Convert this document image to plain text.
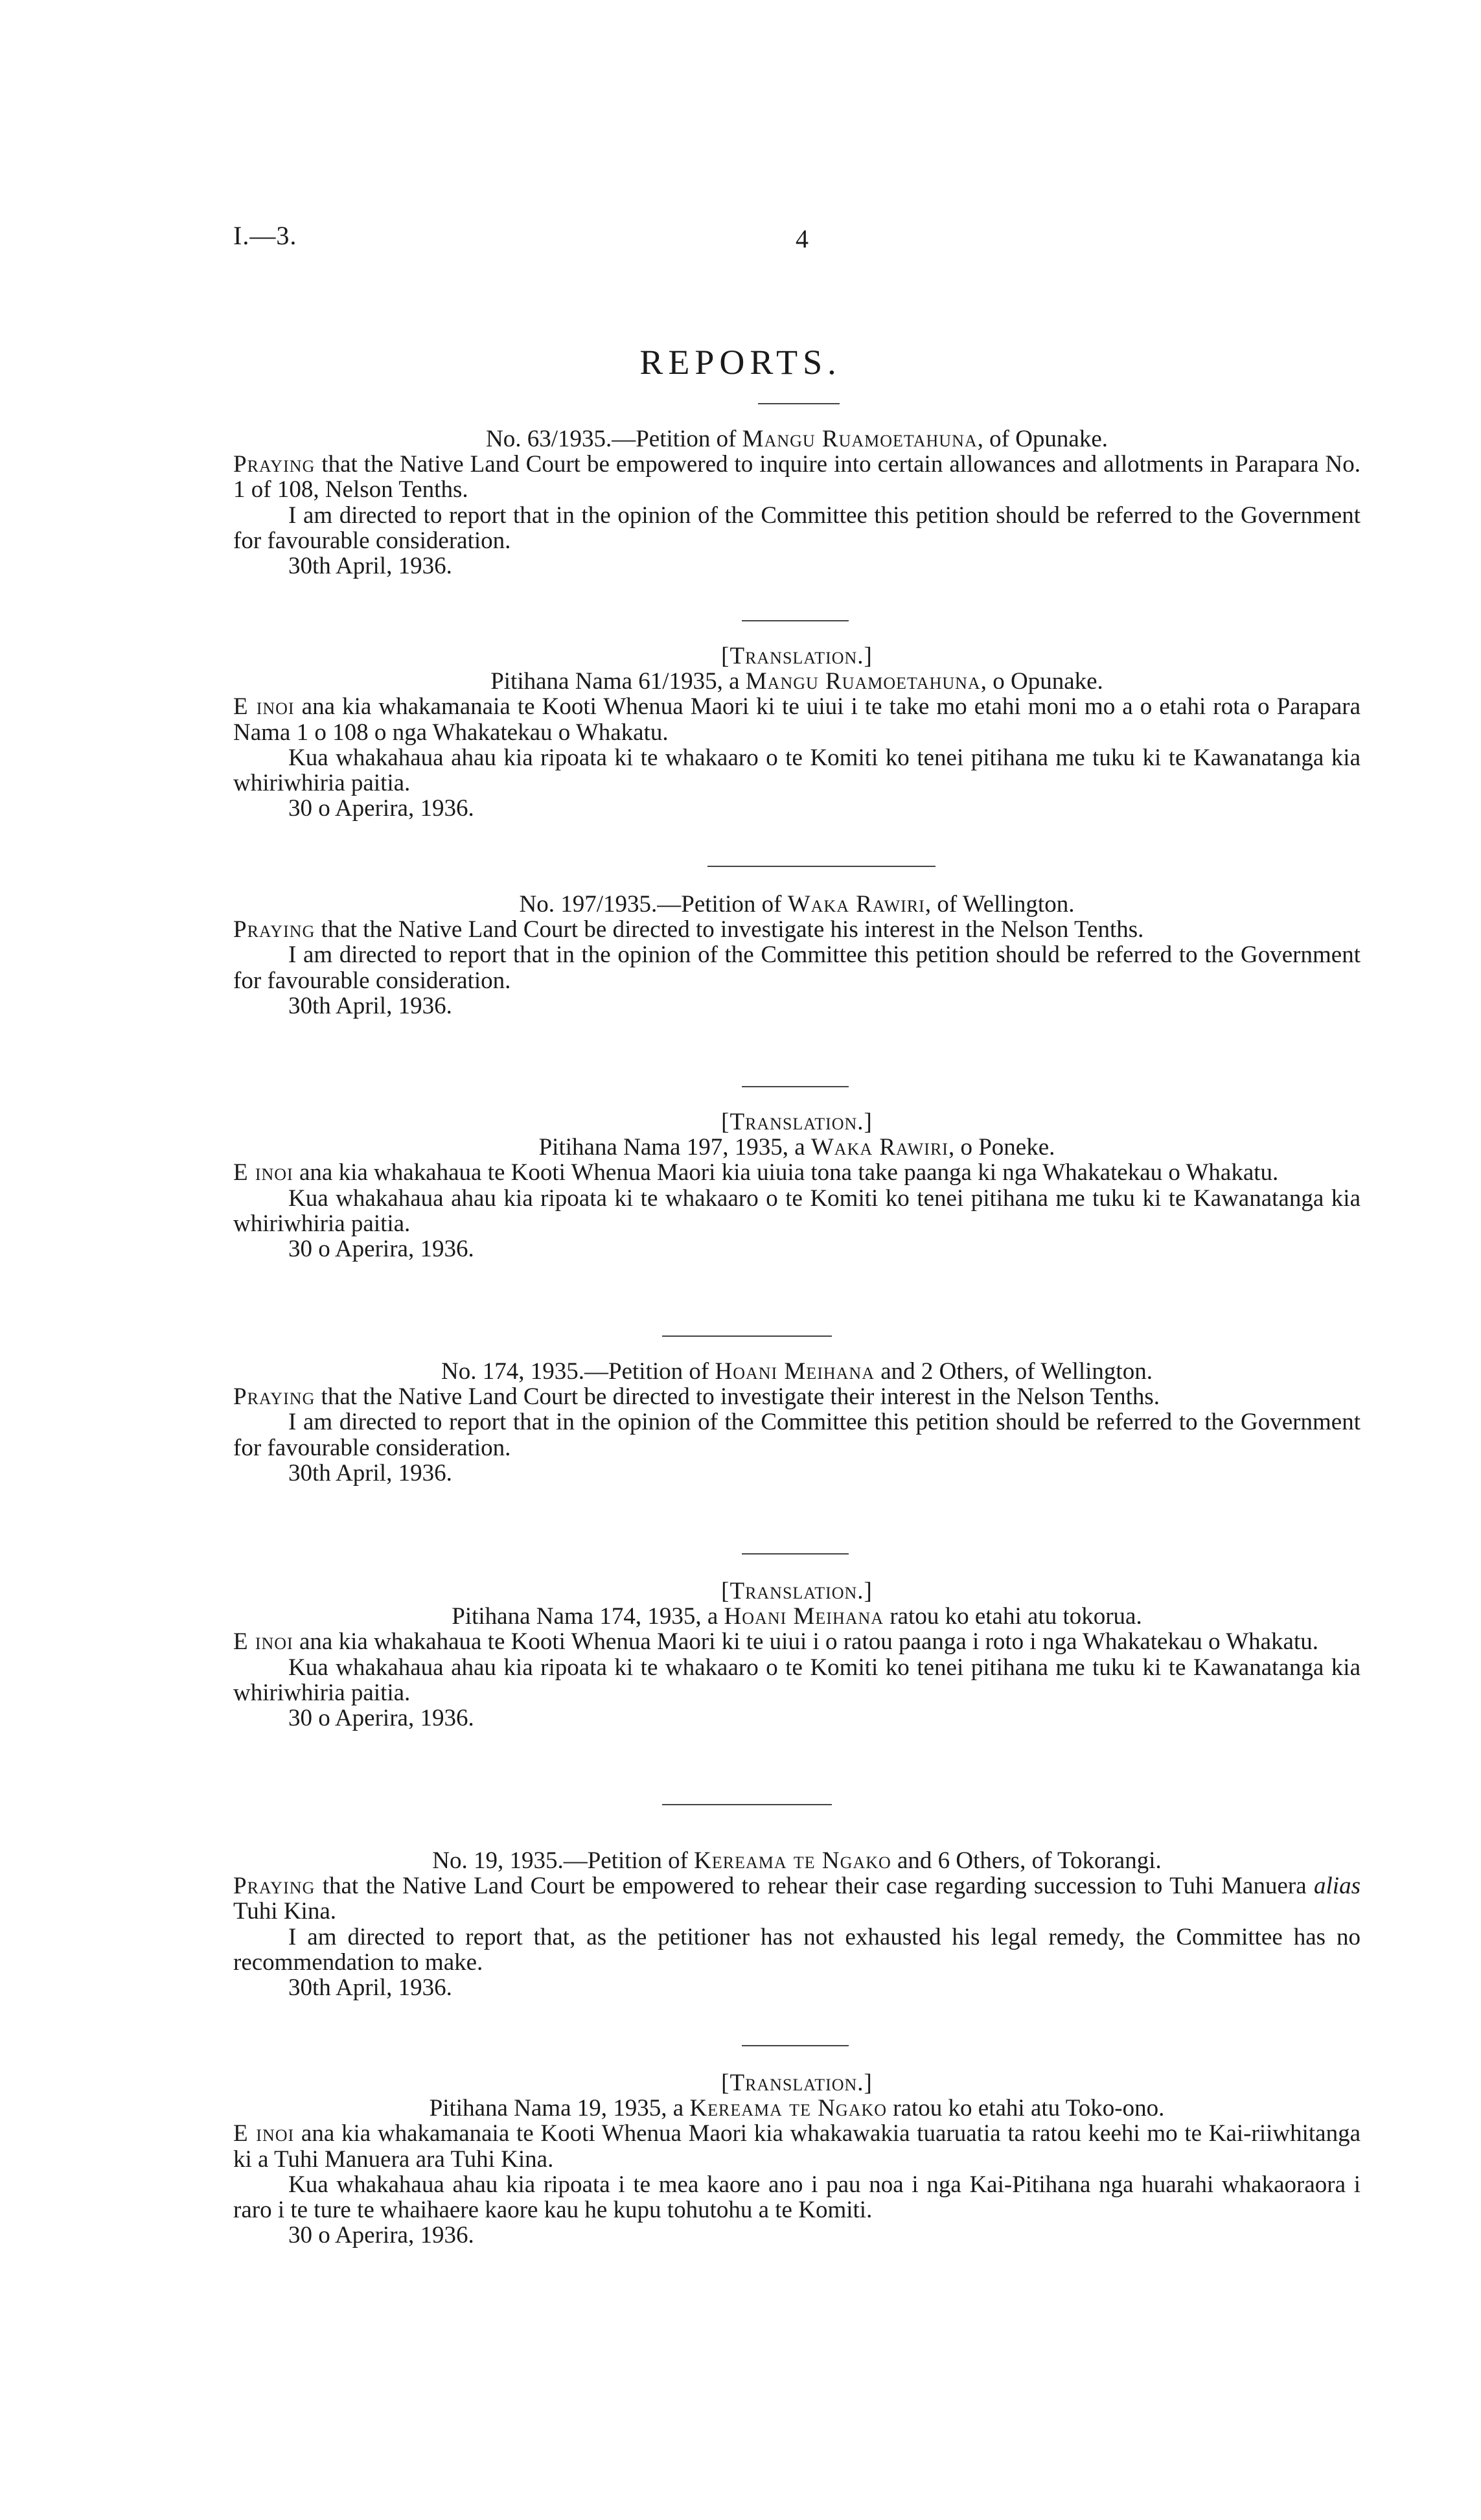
I.—3.	4
REPORTS.

No. 63/1935.—Petition of Mangu Ruamoetahuna, of Opunake.

Praying that the Native Land Court be empowered to inquire into certain allowances and allotments in Parapara No. 1 of 108, Nelson Tenths.

I am directed to report that in the opinion of the Committee this petition should be referred to the Government for favourable consideration.

30th April, 1936.

[Translation.]

Pitihana Nama 61/1935, a Mangu Ruamoetahuna, o Opunake.

E inoi ana kia whakamanaia te Kooti Whenua Maori ki te uiui i te take mo etahi moni mo a o etahi rota o Parapara Nama 1 o 108 o nga Whakatekau o Whakatu.

Kua whakahaua ahau kia ripoata ki te whakaaro o te Komiti ko tenei pitihana me tuku ki te Kawanatanga kia whiriwhiria paitia.

30 o Aperira, 1936.

No. 197/1935.—Petition of Waka Rawiri, of Wellington.

Praying that the Native Land Court be directed to investigate his interest in the Nelson Tenths.

I am directed to report that in the opinion of the Committee this petition should be referred to the Government for favourable consideration.

30th April, 1936.

[Translation.]

Pitihana Nama 197, 1935, a Waka Rawiri, o Poneke.

E inoi ana kia whakahaua te Kooti Whenua Maori kia uiuia tona take paanga ki nga Whakatekau o Whakatu.

Kua whakahaua ahau kia ripoata ki te whakaaro o te Komiti ko tenei pitihana me tuku ki te Kawanatanga kia whiriwhiria paitia.

30 o Aperira, 1936.

No. 174, 1935.—Petition of Hoani Meihana and 2 Others, of Wellington.

Praying that the Native Land Court be directed to investigate their interest in the Nelson Tenths.

I am directed to report that in the opinion of the Committee this petition should be referred to the Government for favourable consideration.

30th April, 1936.

[Translation.]

Pitihana Nama 174, 1935, a Hoani Meihana ratou ko etahi atu tokorua.

E inoi ana kia whakahaua te Kooti Whenua Maori ki te uiui i o ratou paanga i roto i nga Whakatekau o Whakatu.

Kua whakahaua ahau kia ripoata ki te whakaaro o te Komiti ko tenei pitihana me tuku ki te Kawanatanga kia whiriwhiria paitia.

30 o Aperira, 1936.

No. 19, 1935.—Petition of Kereama te Ngako and 6 Others, of Tokorangi.

Praying that the Native Land Court be empowered to rehear their case regarding succession to Tuhi Manuera alias Tuhi Kina.

I am directed to report that, as the petitioner has not exhausted his legal remedy, the Committee has no recommendation to make.

30th April, 1936.

[Translation.]

Pitihana Nama 19, 1935, a Kereama te Ngako ratou ko etahi atu Toko-ono.

E inoi ana kia whakamanaia te Kooti Whenua Maori kia whakawakia tuaruatia ta ratou keehi mo te Kai-riiwhitanga ki a Tuhi Manuera ara Tuhi Kina.

Kua whakahaua ahau kia ripoata i te mea kaore ano i pau noa i nga Kai-Pitihana nga huarahi whakaoraora i raro i te ture te whaihaere kaore kau he kupu tohutohu a te Komiti.

30 o Aperira, 1936.
